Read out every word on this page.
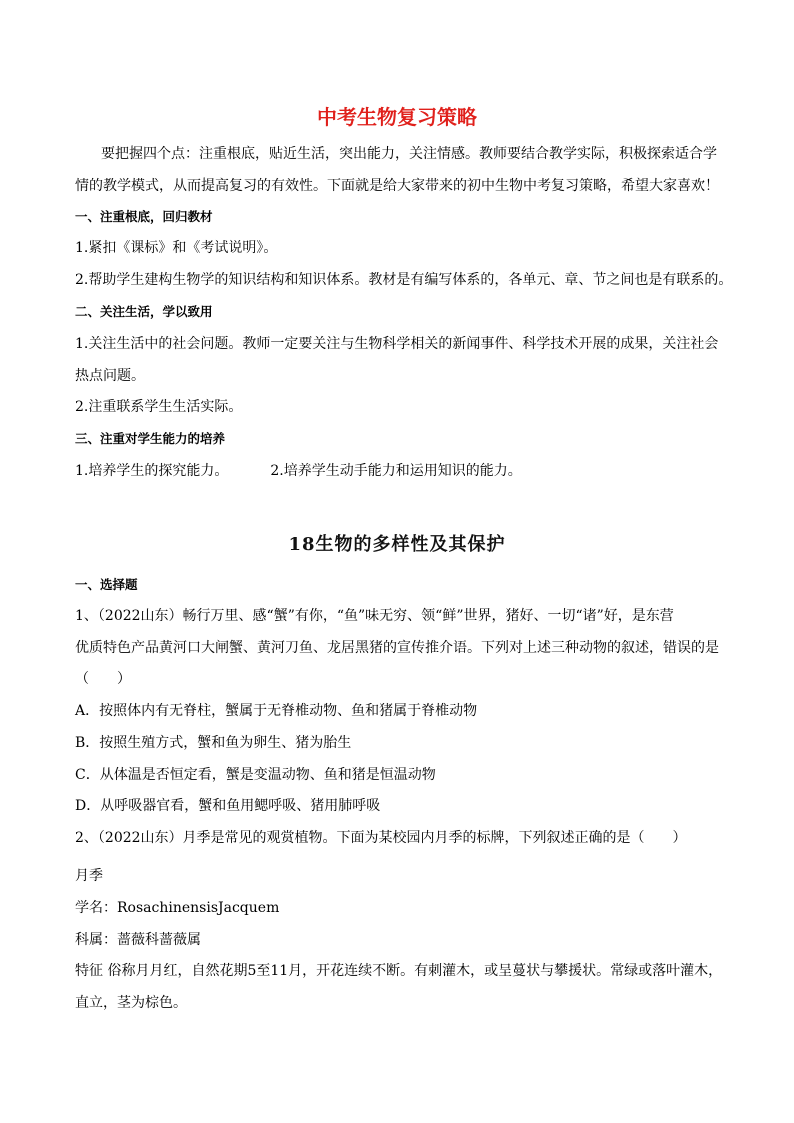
中考生物复习策略
要把握四个点：注重根底，贴近生活，突出能力，关注情感。教师要结合教学实际，积极探索适合学
情的教学模式，从而提高复习的有效性。下面就是给大家带来的初中生物中考复习策略，希望大家喜欢！
一、注重根底，回归教材
1.紧扣《课标》和《考试说明》。
2.帮助学生建构生物学的知识结构和知识体系。教材是有编写体系的，各单元、章、节之间也是有联系的。
二、关注生活，学以致用
1.关注生活中的社会问题。教师一定要关注与生物科学相关的新闻事件、科学技术开展的成果，关注社会
热点问题。
2.注重联系学生生活实际。
三、注重对学生能力的培养
1.培养学生的探究能力。	2.培养学生动手能力和运用知识的能力。
18生物的多样性及其保护
一、选择题
1、（2022山东）畅行万里、感“蟹”有你，“鱼”味无穷、领“鲜”世界，猪好、一切“诸”好，是东营
优质特色产品黄河口大闸蟹、黄河刀鱼、龙居黑猪的宣传推介语。下列对上述三种动物的叙述，错误的是
（　　）
A．按照体内有无脊柱，蟹属于无脊椎动物、鱼和猪属于脊椎动物
B．按照生殖方式，蟹和鱼为卵生、猪为胎生
C．从体温是否恒定看，蟹是变温动物、鱼和猪是恒温动物
D．从呼吸器官看，蟹和鱼用鳃呼吸、猪用肺呼吸
2、（2022山东）月季是常见的观赏植物。下面为某校园内月季的标牌，下列叙述正确的是（　　）
月季
学名：RosachinensisJacquem
科属：蔷薇科蔷薇属
特征 俗称月月红，自然花期5至11月，开花连续不断。有刺灌木，或呈蔓状与攀援状。常绿或落叶灌木，
直立，茎为棕色。
